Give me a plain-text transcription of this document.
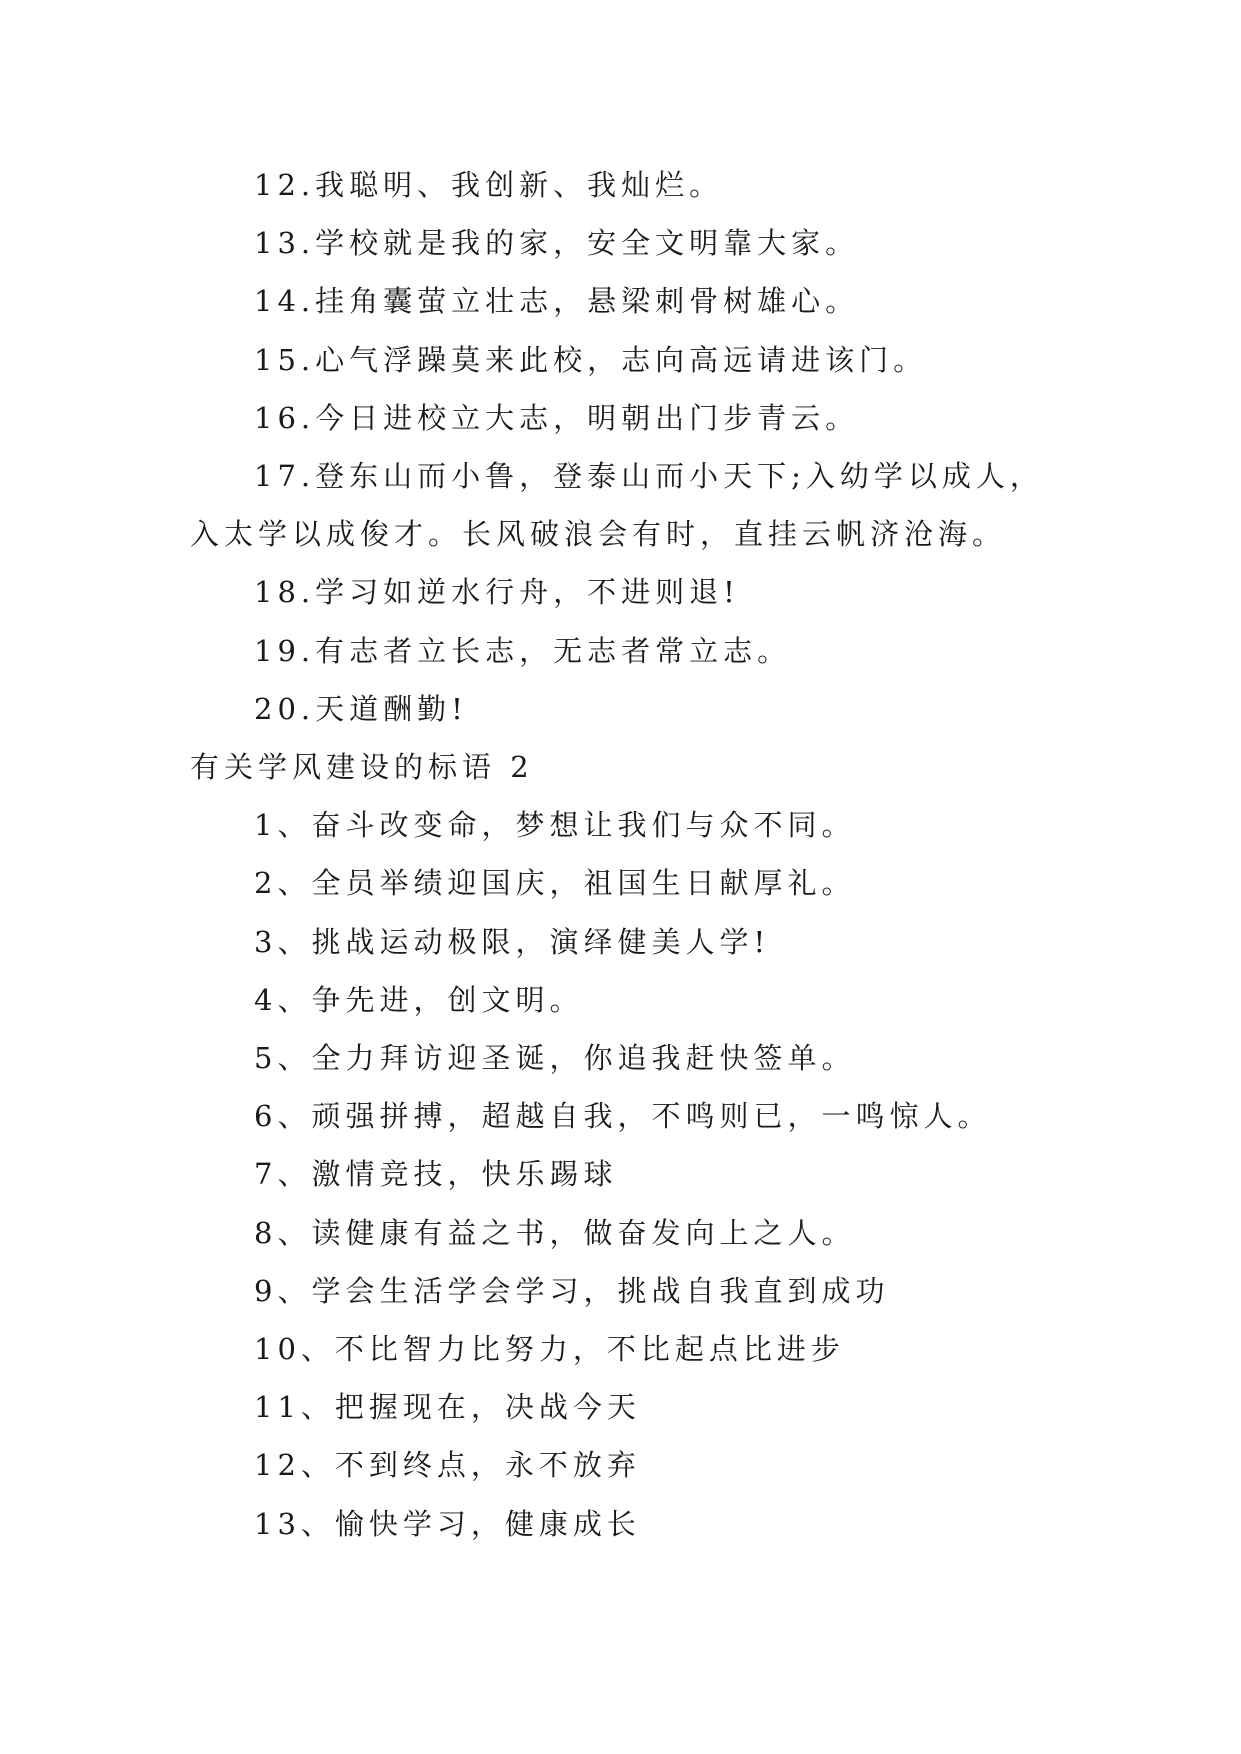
12.我聪明、我创新、我灿烂。

13.学校就是我的家，安全文明靠大家。

14.挂角囊萤立壮志，悬梁刺骨树雄心。

15.心气浮躁莫来此校，志向高远请进该门。

16.今日进校立大志，明朝出门步青云。

17.登东山而小鲁，登泰山而小天下;入幼学以成人，入太学以成俊才。长风破浪会有时，直挂云帆济沧海。

18.学习如逆水行舟，不进则退!

19.有志者立长志，无志者常立志。

20.天道酬勤!

有关学风建设的标语 2

1、奋斗改变命，梦想让我们与众不同。

2、全员举绩迎国庆，祖国生日献厚礼。

3、挑战运动极限，演绎健美人学!

4、争先进，创文明。

5、全力拜访迎圣诞，你追我赶快签单。

6、顽强拼搏，超越自我，不鸣则已，一鸣惊人。

7、激情竞技，快乐踢球

8、读健康有益之书，做奋发向上之人。

9、学会生活学会学习，挑战自我直到成功

10、不比智力比努力，不比起点比进步

11、把握现在，决战今天

12、不到终点，永不放弃

13、愉快学习，健康成长
